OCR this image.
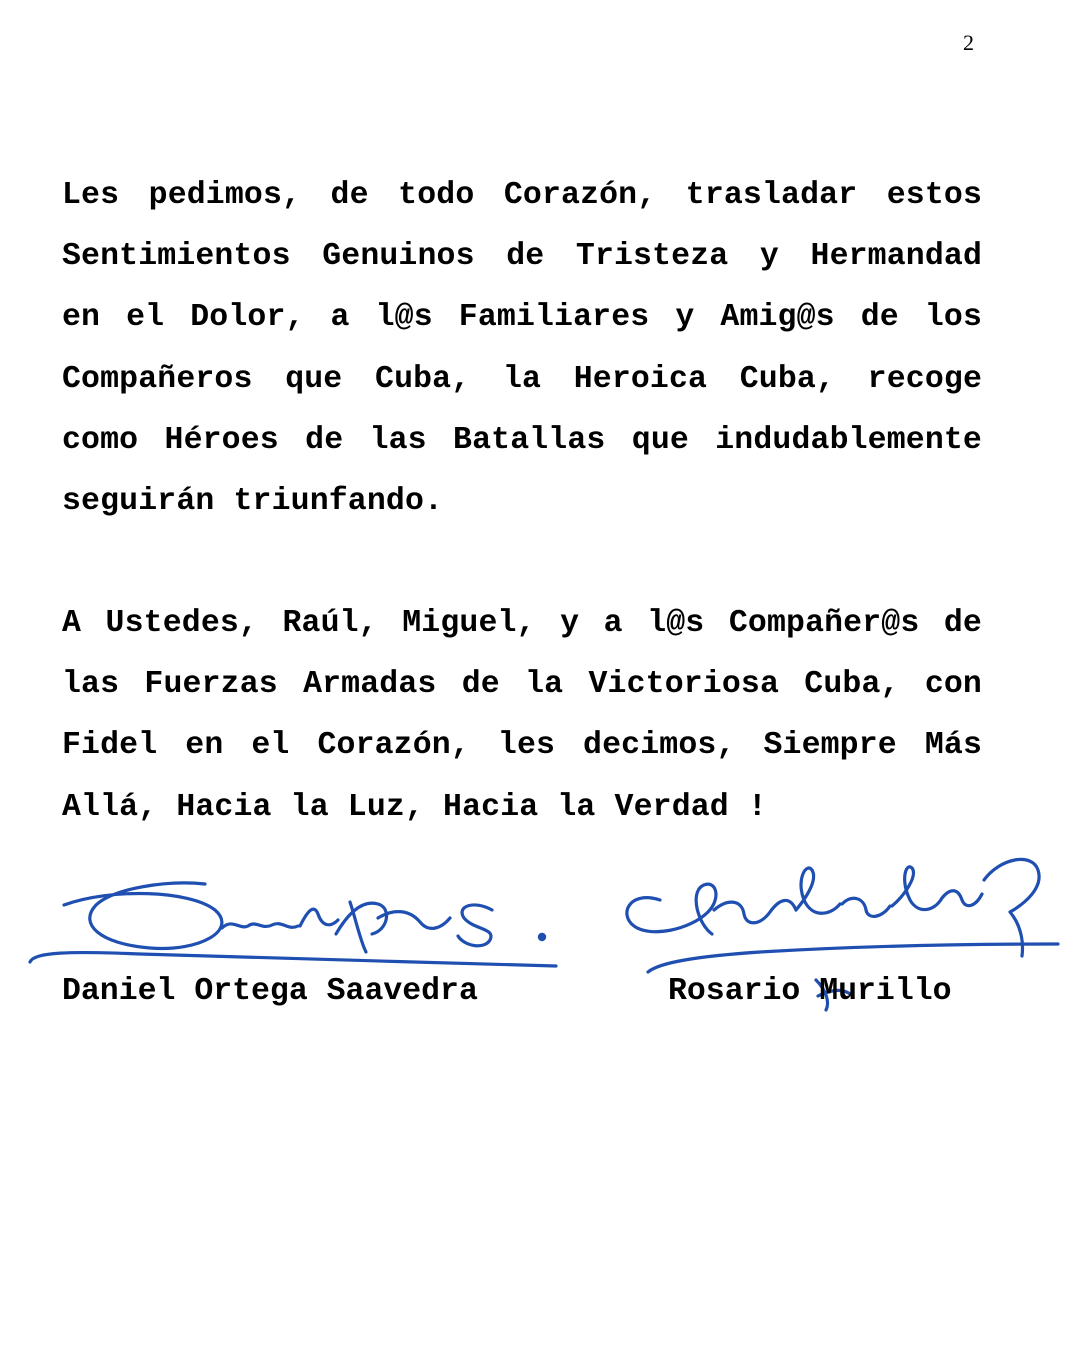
2

Les pedimos, de todo Corazón, trasladar estos
Sentimientos Genuinos de Tristeza y Hermandad
en el Dolor, a l@s Familiares y Amig@s de los
Compañeros que Cuba, la Heroica Cuba, recoge
como Héroes de las Batallas que indudablemente
seguirán triunfando.

A Ustedes, Raúl, Miguel, y a l@s Compañer@s de
las Fuerzas Armadas de la Victoriosa Cuba, con
Fidel en el Corazón, les decimos, Siempre Más
Allá, Hacia la Luz, Hacia la Verdad !

Daniel Ortega Saavedra	Rosario Murillo
